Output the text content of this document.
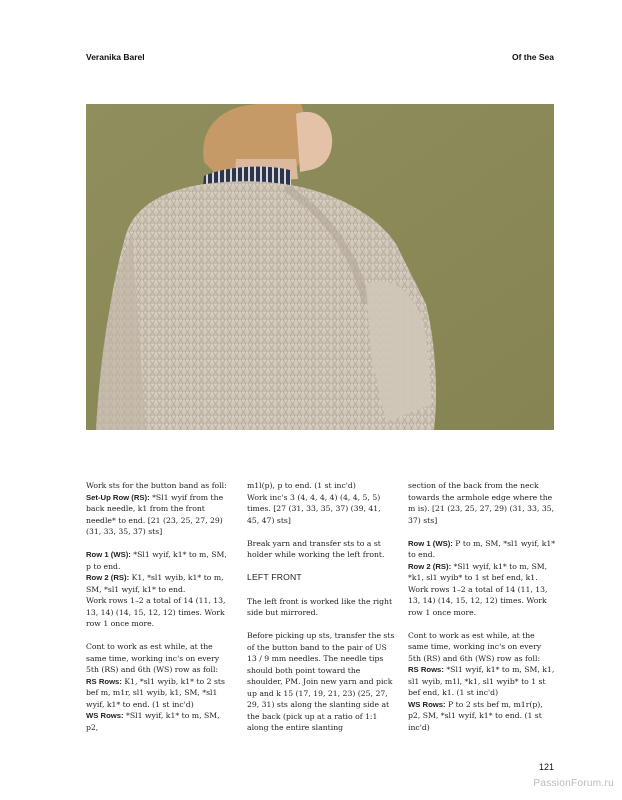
Veranika Barel	Of the Sea

Work sts for the button band as foll:

Set-Up Row (RS): *Sl1 wyif from the back needle, k1 from the front needle* to end. [21 (23, 25, 27, 29) (31, 33, 35, 37) sts]

Row 1 (WS): *Sl1 wyif, k1* to m, SM, p to end.

Row 2 (RS): K1, *sl1 wyib, k1* to m, SM, *sl1 wyif, k1* to end.

Work rows 1–2 a total of 14 (11, 13, 13, 14) (14, 15, 12, 12) times. Work row 1 once more.

Cont to work as est while, at the same time, working inc's on every 5th (RS) and 6th (WS) row as foll:

RS Rows: K1, *sl1 wyib, k1* to 2 sts bef m, m1r, sl1 wyib, k1, SM, *sl1 wyif, k1* to end. (1 st inc'd)

WS Rows: *Sl1 wyif, k1* to m, SM, p2,

m1l(p), p to end. (1 st inc'd)

Work inc's 3 (4, 4, 4, 4) (4, 4, 5, 5) times. [27 (31, 33, 35, 37) (39, 41, 45, 47) sts]

Break yarn and transfer sts to a st holder while working the left front.

LEFT FRONT

The left front is worked like the right side but mirrored.

Before picking up sts, transfer the sts of the button band to the pair of US 13 / 9 mm needles. The needle tips should both point toward the shoulder, PM. Join new yarn and pick up and k 15 (17, 19, 21, 23) (25, 27, 29, 31) sts along the slanting side at the back (pick up at a ratio of 1:1 along the entire slanting

section of the back from the neck towards the armhole edge where the m is). [21 (23, 25, 27, 29) (31, 33, 35, 37) sts]

Row 1 (WS): P to m, SM, *sl1 wyif, k1* to end.

Row 2 (RS): *Sl1 wyif, k1* to m, SM, *k1, sl1 wyib* to 1 st bef end, k1.

Work rows 1–2 a total of 14 (11, 13, 13, 14) (14, 15, 12, 12) times. Work row 1 once more.

Cont to work as est while, at the same time, working inc's on every 5th (RS) and 6th (WS) row as foll:

RS Rows: *Sl1 wyif, k1* to m, SM, k1, sl1 wyib, m1l, *k1, sl1 wyib* to 1 st bef end, k1. (1 st inc'd)

WS Rows: P to 2 sts bef m, m1r(p), p2, SM, *sl1 wyif, k1* to end. (1 st inc'd)

121
PassionForum.ru
